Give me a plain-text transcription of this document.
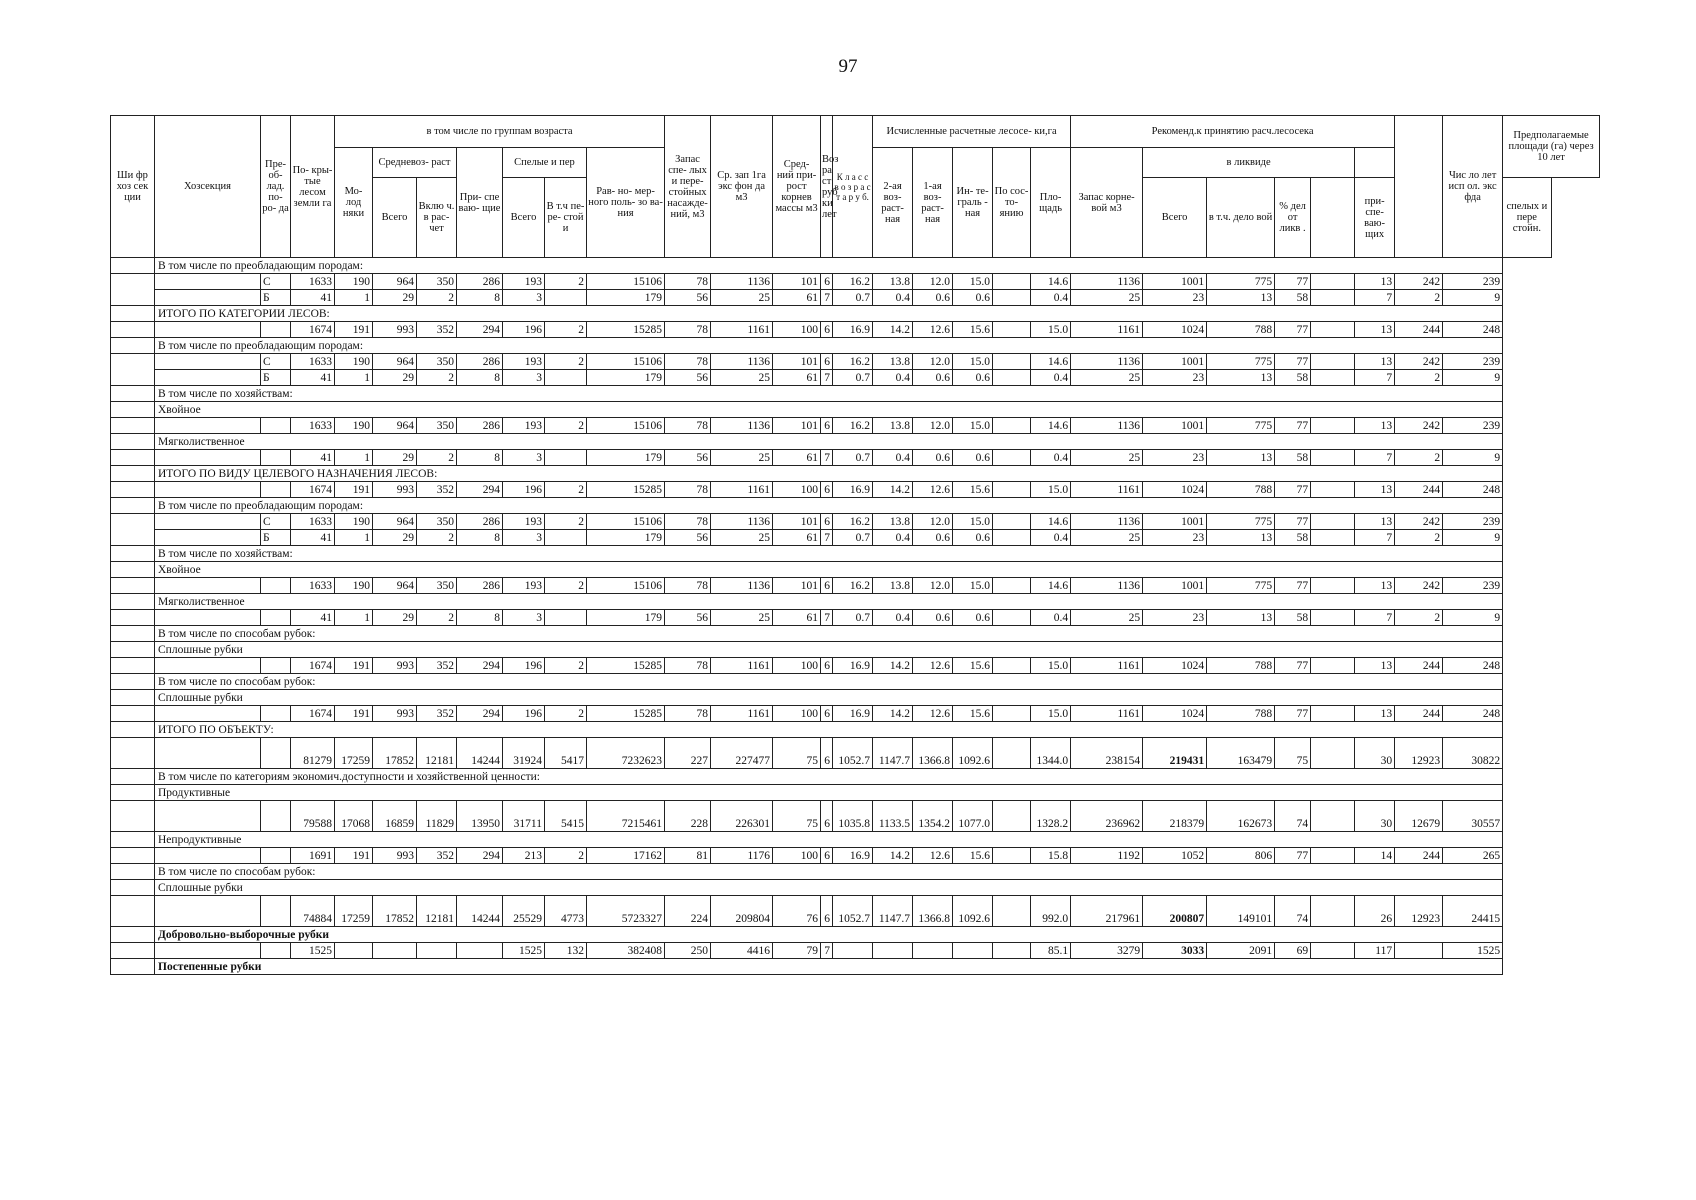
97
Ши фр хоз сек ции	Хозсекция	Пре- об- лад. по- ро- да	По- кры- тые лесом земли га	в том числе по группам возраста							Запас спе- лых и пере- стойных насажде- ний, м3	Ср. зап 1га экс фон да м3	Сред- ний при- рост корнев массы м3	Воз ра ст руб ки лет	К л а с с в о з р а с т а р у б.	Исчисленные расчетные лесосе- ки,га					Рекоменд.к принятию расч.лесосека							Чис ло лет исп ол. экс фда	Предполагаемые площади (га) через 10 лет
				Мо- лод няки	Средневоз- раст		При- спе вaю- щие	Спелые и пер		Рав- но- мер- ного поль- зо ва- ния						2-ая воз- раст- ная	1-ая воз- раст- ная	Ин- те- граль - ная	По сос- то- янию	Пло- щадь	Запас корне- вой м3	в ликвиде							
					Всего	Вклю ч. в рас- чет		Всего	В т.ч пе- ре- стой и													Всего	в т.ч. дело вой	% дел от ликв .		при- спе- ваю- щих			спелых и пере стойн.

	В том числе по преобладающим породам:																												
		С	1633	190	964	350	286	193	2	15106	78	1136	101	6	16.2	13.8	12.0	15.0		14.6	1136	1001	775	77		13	242	239	
		Б	41	1	29	2	8	3		179	56	25	61	7	0.7	0.4	0.6	0.6		0.4	25	23	13	58		7	2	9	
	ИТОГО ПО КАТЕГОРИИ ЛЕСОВ:																												
			1674	191	993	352	294	196	2	15285	78	1161	100	6	16.9	14.2	12.6	15.6		15.0	1161	1024	788	77		13	244	248	
	В том числе по преобладающим породам:																												
		С	1633	190	964	350	286	193	2	15106	78	1136	101	6	16.2	13.8	12.0	15.0		14.6	1136	1001	775	77		13	242	239	
		Б	41	1	29	2	8	3		179	56	25	61	7	0.7	0.4	0.6	0.6		0.4	25	23	13	58		7	2	9	
	В том числе по хозяйствам:																												
	Хвойное																												
			1633	190	964	350	286	193	2	15106	78	1136	101	6	16.2	13.8	12.0	15.0		14.6	1136	1001	775	77		13	242	239	
	Мягколиственное																												
			41	1	29	2	8	3		179	56	25	61	7	0.7	0.4	0.6	0.6		0.4	25	23	13	58		7	2	9	
	ИТОГО ПО ВИДУ ЦЕЛЕВОГО НАЗНАЧЕНИЯ ЛЕСОВ:																												
			1674	191	993	352	294	196	2	15285	78	1161	100	6	16.9	14.2	12.6	15.6		15.0	1161	1024	788	77		13	244	248	
	В том числе по преобладающим породам:																												
		С	1633	190	964	350	286	193	2	15106	78	1136	101	6	16.2	13.8	12.0	15.0		14.6	1136	1001	775	77		13	242	239	
		Б	41	1	29	2	8	3		179	56	25	61	7	0.7	0.4	0.6	0.6		0.4	25	23	13	58		7	2	9	
	В том числе по хозяйствам:																												
	Хвойное																												
			1633	190	964	350	286	193	2	15106	78	1136	101	6	16.2	13.8	12.0	15.0		14.6	1136	1001	775	77		13	242	239	
	Мягколиственное																												
			41	1	29	2	8	3		179	56	25	61	7	0.7	0.4	0.6	0.6		0.4	25	23	13	58		7	2	9	
	В том числе по способам рубок:																												
	Сплошные рубки																												
			1674	191	993	352	294	196	2	15285	78	1161	100	6	16.9	14.2	12.6	15.6		15.0	1161	1024	788	77		13	244	248	
	В том числе по способам рубок:																												
	Сплошные рубки																												
			1674	191	993	352	294	196	2	15285	78	1161	100	6	16.9	14.2	12.6	15.6		15.0	1161	1024	788	77		13	244	248	
	ИТОГО ПО ОБЪЕКТУ:																												
			81279	17259	17852	12181	14244	31924	5417	7232623	227	227477	75	6	1052.7	1147.7	1366.8	1092.6		1344.0	238154	219431	163479	75		30	12923	30822	
	В том числе по категориям экономич.доступности и хозяйственной ценности:																												
	Продуктивные																												
			79588	17068	16859	11829	13950	31711	5415	7215461	228	226301	75	6	1035.8	1133.5	1354.2	1077.0		1328.2	236962	218379	162673	74		30	12679	30557	
	Непродуктивные																												
			1691	191	993	352	294	213	2	17162	81	1176	100	6	16.9	14.2	12.6	15.6		15.8	1192	1052	806	77		14	244	265	
	В том числе по способам рубок:																												
	Сплошные рубки																												
			74884	17259	17852	12181	14244	25529	4773	5723327	224	209804	76	6	1052.7	1147.7	1366.8	1092.6		992.0	217961	200807	149101	74		26	12923	24415	
	Добровольно-выборочные рубки																												
			1525					1525	132	382408	250	4416	79	7						85.1	3279	3033	2091	69		117		1525	
	Постепенные рубки																												
